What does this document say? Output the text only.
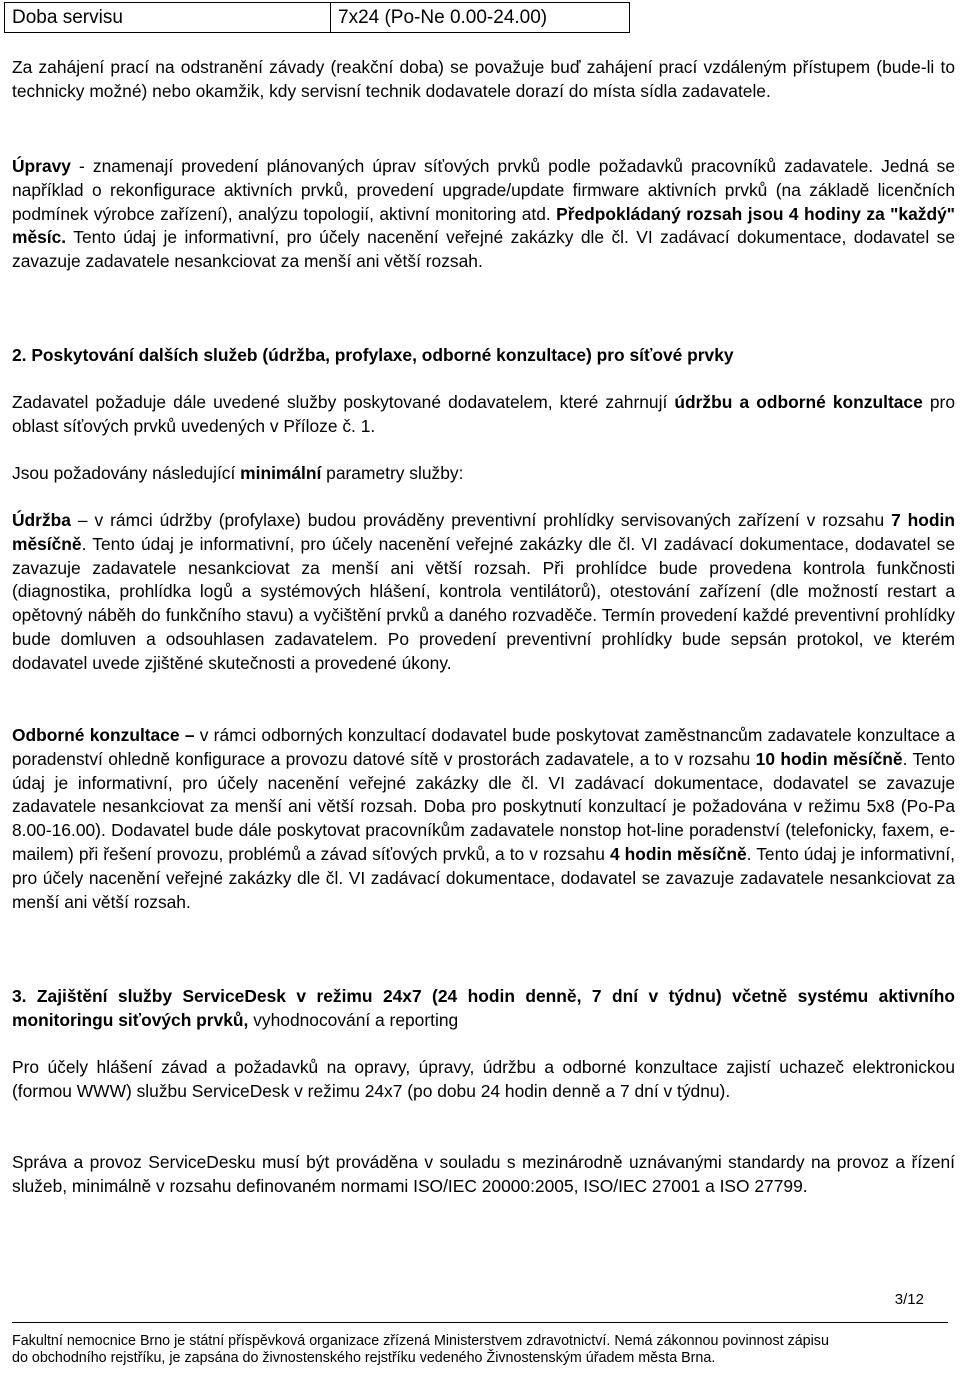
Doba servisu	7x24 (Po-Ne 0.00-24.00)
Za zahájení prací na odstranění závady (reakční doba) se považuje buď zahájení prací vzdáleným přístupem (bude-li to technicky možné) nebo okamžik, kdy servisní technik dodavatele dorazí do místa sídla zadavatele.
Úpravy - znamenají provedení plánovaných úprav síťových prvků podle požadavků pracovníků zadavatele. Jedná se například o rekonfigurace aktivních prvků, provedení upgrade/update firmware aktivních prvků (na základě licenčních podmínek výrobce zařízení), analýzu topologií, aktivní monitoring atd. Předpokládaný rozsah jsou 4 hodiny za "každý" měsíc. Tento údaj je informativní, pro účely nacenění veřejné zakázky dle čl. VI zadávací dokumentace, dodavatel se zavazuje zadavatele nesankciovat za menší ani větší rozsah.
2. Poskytování dalších služeb (údržba, profylaxe, odborné konzultace) pro síťové prvky
Zadavatel požaduje dále uvedené služby poskytované dodavatelem, které zahrnují údržbu a odborné konzultace pro oblast síťových prvků uvedených v Příloze č. 1.
Jsou požadovány následující minimální parametry služby:
Údržba – v rámci údržby (profylaxe) budou prováděny preventivní prohlídky servisovaných zařízení v rozsahu 7 hodin měsíčně. Tento údaj je informativní, pro účely nacenění veřejné zakázky dle čl. VI zadávací dokumentace, dodavatel se zavazuje zadavatele nesankciovat za menší ani větší rozsah. Při prohlídce bude provedena kontrola funkčnosti (diagnostika, prohlídka logů a systémových hlášení, kontrola ventilátorů), otestování zařízení (dle možností restart a opětovný náběh do funkčního stavu) a vyčištění prvků a daného rozvaděče. Termín provedení každé preventivní prohlídky bude domluven a odsouhlasen zadavatelem. Po provedení preventivní prohlídky bude sepsán protokol, ve kterém dodavatel uvede zjištěné skutečnosti a provedené úkony.
Odborné konzultace – v rámci odborných konzultací dodavatel bude poskytovat zaměstnancům zadavatele konzultace a poradenství ohledně konfigurace a provozu datové sítě v prostorách zadavatele, a to v rozsahu 10 hodin měsíčně. Tento údaj je informativní, pro účely nacenění veřejné zakázky dle čl. VI zadávací dokumentace, dodavatel se zavazuje zadavatele nesankciovat za menší ani větší rozsah. Doba pro poskytnutí konzultací je požadována v režimu 5x8 (Po-Pa 8.00-16.00). Dodavatel bude dále poskytovat pracovníkům zadavatele nonstop hot-line poradenství (telefonicky, faxem, e-mailem) při řešení provozu, problémů a závad síťových prvků, a to v rozsahu 4 hodin měsíčně. Tento údaj je informativní, pro účely nacenění veřejné zakázky dle čl. VI zadávací dokumentace, dodavatel se zavazuje zadavatele nesankciovat za menší ani větší rozsah.
3. Zajištění služby ServiceDesk v režimu 24x7 (24 hodin denně, 7 dní v týdnu) včetně systému aktivního monitoringu siťových prvků, vyhodnocování a reporting
Pro účely hlášení závad a požadavků na opravy, úpravy, údržbu a odborné konzultace zajistí uchazeč elektronickou (formou WWW) službu ServiceDesk v režimu 24x7 (po dobu 24 hodin denně a 7 dní v týdnu).
Správa a provoz ServiceDesku musí být prováděna v souladu s mezinárodně uznávanými standardy na provoz a řízení služeb, minimálně v rozsahu definovaném normami ISO/IEC 20000:2005, ISO/IEC 27001 a ISO 27799.
3/12
Fakultní nemocnice Brno je státní příspěvková organizace zřízená Ministerstvem zdravotnictví. Nemá zákonnou povinnost zápisu
do obchodního rejstříku, je zapsána do živnostenského rejstříku vedeného Živnostenským úřadem města Brna.
